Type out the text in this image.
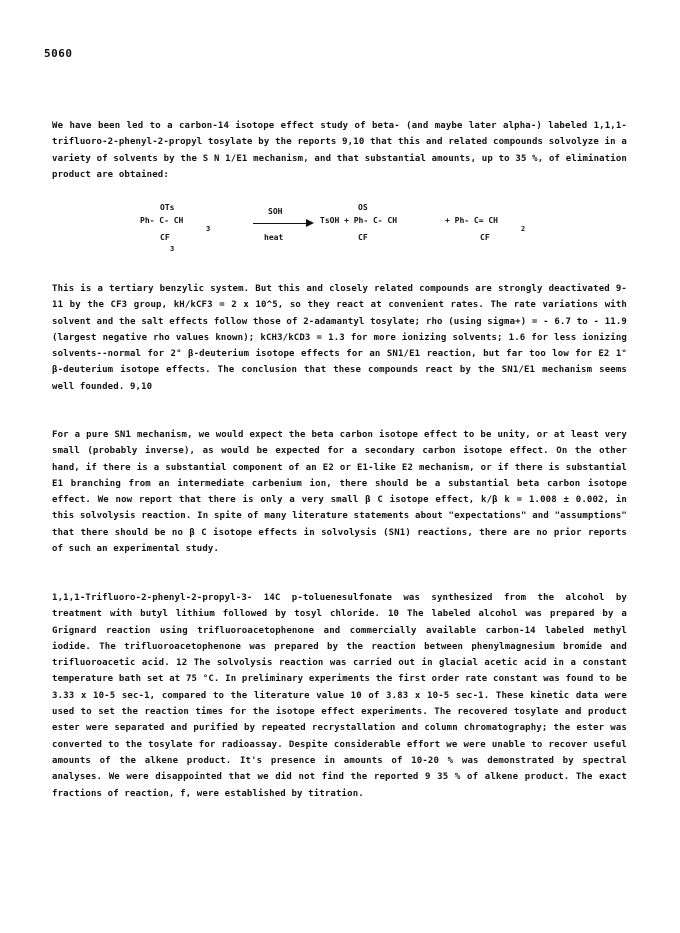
5060

We have been led to a carbon-14 isotope effect study of beta- (and maybe later alpha-) labeled 1,1,1-trifluoro-2-phenyl-2-propyl tosylate by the reports 9,10 that this and related compounds solvolyze in a variety of solvents by the S N 1/E1 mechanism, and that substantial amounts, up to 35 %, of elimination product are obtained:

OTs
Ph- C- CH
3
CF
3
SOH
heat
OS
TsOH + Ph- C- CH
CF
+ Ph- C= CH
2
CF

This is a tertiary benzylic system. But this and closely related compounds are strongly deactivated 9-11 by the CF3 group, kH/kCF3 = 2 x 10^5, so they react at convenient rates. The rate variations with solvent and the salt effects follow those of 2-adamantyl tosylate; rho (using sigma+) = - 6.7 to - 11.9 (largest negative rho values known); kCH3/kCD3 = 1.3 for more ionizing solvents; 1.6 for less ionizing solvents--normal for 2° β-deuterium isotope effects for an SN1/E1 reaction, but far too low for E2 1° β-deuterium isotope effects. The conclusion that these compounds react by the SN1/E1 mechanism seems well founded. 9,10

For a pure SN1 mechanism, we would expect the beta carbon isotope effect to be unity, or at least very small (probably inverse), as would be expected for a secondary carbon isotope effect. On the other hand, if there is a substantial component of an E2 or E1-like E2 mechanism, or if there is substantial E1 branching from an intermediate carbenium ion, there should be a substantial beta carbon isotope effect. We now report that there is only a very small β C isotope effect, k/β k = 1.008 ± 0.002, in this solvolysis reaction. In spite of many literature statements about "expectations" and "assumptions" that there should be no β C isotope effects in solvolysis (SN1) reactions, there are no prior reports of such an experimental study.

1,1,1-Trifluoro-2-phenyl-2-propyl-3- 14C p-toluenesulfonate was synthesized from the alcohol by treatment with butyl lithium followed by tosyl chloride. 10 The labeled alcohol was prepared by a Grignard reaction using trifluoroacetophenone and commercially available carbon-14 labeled methyl iodide. The trifluoroacetophenone was prepared by the reaction between phenylmagnesium bromide and trifluoroacetic acid. 12 The solvolysis reaction was carried out in glacial acetic acid in a constant temperature bath set at 75 °C. In preliminary experiments the first order rate constant was found to be 3.33 x 10-5 sec-1, compared to the literature value 10 of 3.83 x 10-5 sec-1. These kinetic data were used to set the reaction times for the isotope effect experiments. The recovered tosylate and product ester were separated and purified by repeated recrystallation and column chromatography; the ester was converted to the tosylate for radioassay. Despite considerable effort we were unable to recover useful amounts of the alkene product. It's presence in amounts of 10-20 % was demonstrated by spectral analyses. We were disappointed that we did not find the reported 9 35 % of alkene product. The exact fractions of reaction, f, were established by titration.
